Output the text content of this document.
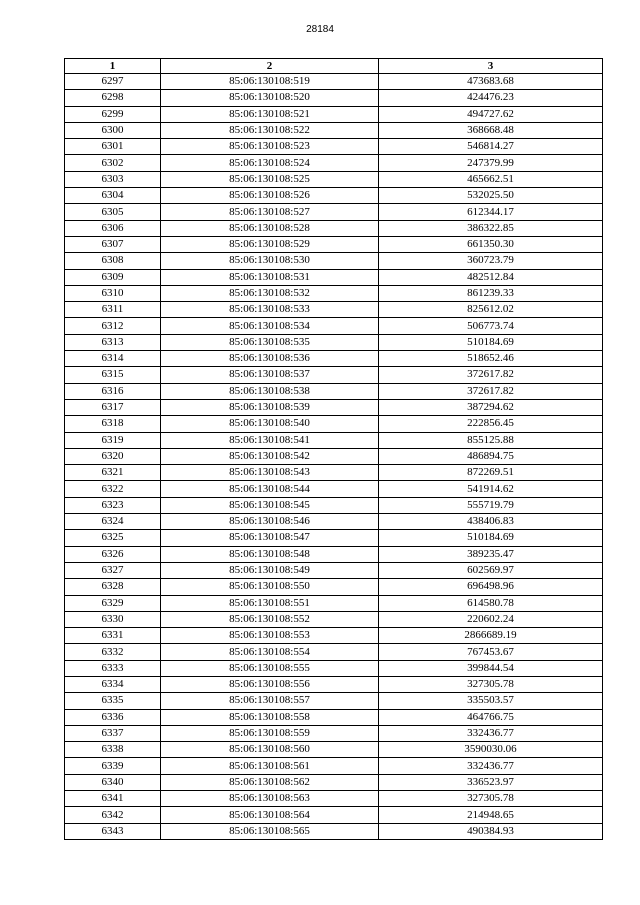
28184
1	2	3
6297	85:06:130108:519	473683.68
6298	85:06:130108:520	424476.23
6299	85:06:130108:521	494727.62
6300	85:06:130108:522	368668.48
6301	85:06:130108:523	546814.27
6302	85:06:130108:524	247379.99
6303	85:06:130108:525	465662.51
6304	85:06:130108:526	532025.50
6305	85:06:130108:527	612344.17
6306	85:06:130108:528	386322.85
6307	85:06:130108:529	661350.30
6308	85:06:130108:530	360723.79
6309	85:06:130108:531	482512.84
6310	85:06:130108:532	861239.33
6311	85:06:130108:533	825612.02
6312	85:06:130108:534	506773.74
6313	85:06:130108:535	510184.69
6314	85:06:130108:536	518652.46
6315	85:06:130108:537	372617.82
6316	85:06:130108:538	372617.82
6317	85:06:130108:539	387294.62
6318	85:06:130108:540	222856.45
6319	85:06:130108:541	855125.88
6320	85:06:130108:542	486894.75
6321	85:06:130108:543	872269.51
6322	85:06:130108:544	541914.62
6323	85:06:130108:545	555719.79
6324	85:06:130108:546	438406.83
6325	85:06:130108:547	510184.69
6326	85:06:130108:548	389235.47
6327	85:06:130108:549	602569.97
6328	85:06:130108:550	696498.96
6329	85:06:130108:551	614580.78
6330	85:06:130108:552	220602.24
6331	85:06:130108:553	2866689.19
6332	85:06:130108:554	767453.67
6333	85:06:130108:555	399844.54
6334	85:06:130108:556	327305.78
6335	85:06:130108:557	335503.57
6336	85:06:130108:558	464766.75
6337	85:06:130108:559	332436.77
6338	85:06:130108:560	3590030.06
6339	85:06:130108:561	332436.77
6340	85:06:130108:562	336523.97
6341	85:06:130108:563	327305.78
6342	85:06:130108:564	214948.65
6343	85:06:130108:565	490384.93
